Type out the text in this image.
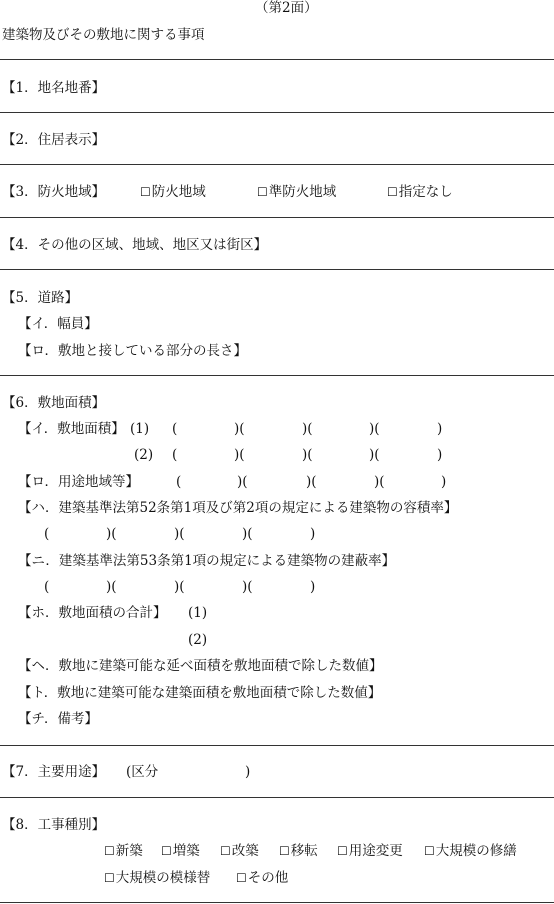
（第2面）
建築物及びその敷地に関する事項
【1．地名地番】
【2．住居表示】
【3．防火地域】	☐ 防火地域	☐ 準防火地域	☐ 指定なし
【4．その他の区域、地域、地区又は街区】
【5．道路】
【イ．幅員】
【ロ．敷地と接している部分の長さ】
【6．敷地面積】
【イ．敷地面積】 (1) (	)(	)(	)(	)
(2) (	)(	)(	)(	)
【ロ．用途地域等】	(	)(	)(	)(	)
【ハ．建築基準法第52条第1項及び第2項の規定による建築物の容積率】
(	)(	)(	)(	)
【ニ．建築基準法第53条第1項の規定による建築物の建蔽率】
(	)(	)(	)(	)
【ホ．敷地面積の合計】 (1)
(2)
【ヘ．敷地に建築可能な延べ面積を敷地面積で除した数値】
【ト．敷地に建築可能な建築面積を敷地面積で除した数値】
【チ．備考】
【7．主要用途】 (区分	)
【8．工事種別】
☐ 新築	☐ 増築	☐ 改築	☐ 移転	☐ 用途変更	☐ 大規模の修繕
☐ 大規模の模様替	☐ その他
